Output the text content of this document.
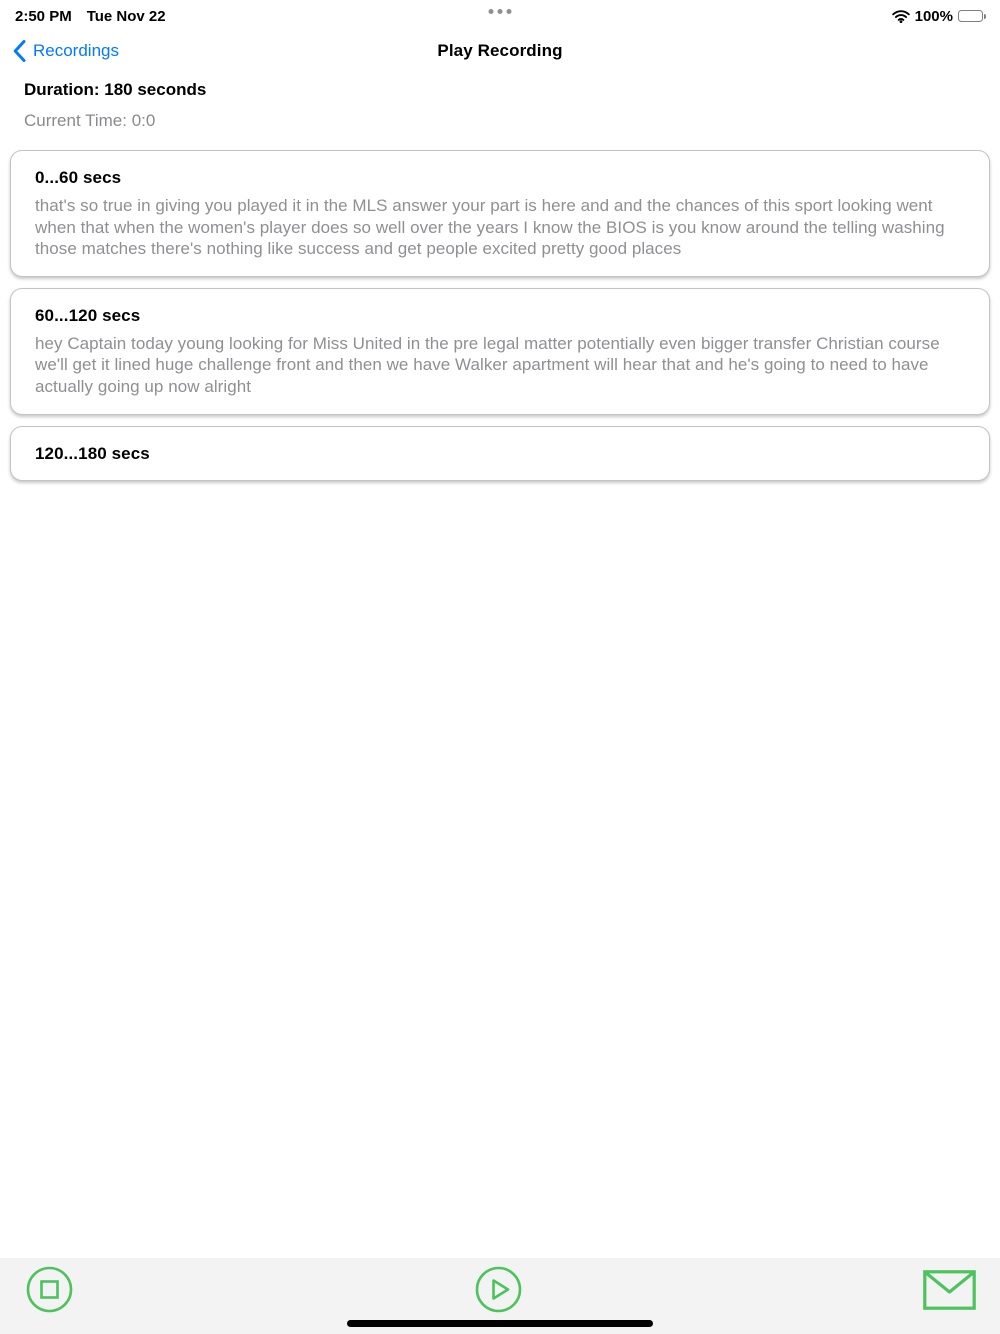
2:50 PM Tue Nov 22	100%
Recordings	Play Recording
Duration: 180 seconds
Current Time: 0:0
0...60 secs
that's so true in giving you played it in the MLS answer your part is here and and the chances of this sport looking went when that when the women's player does so well over the years I know the BIOS is you know around the telling washing those matches there's nothing like success and get people excited pretty good places
60...120 secs
hey Captain today young looking for Miss United in the pre legal matter potentially even bigger transfer Christian course we'll get it lined huge challenge front and then we have Walker apartment will hear that and he's going to need to have actually going up now alright
120...180 secs
